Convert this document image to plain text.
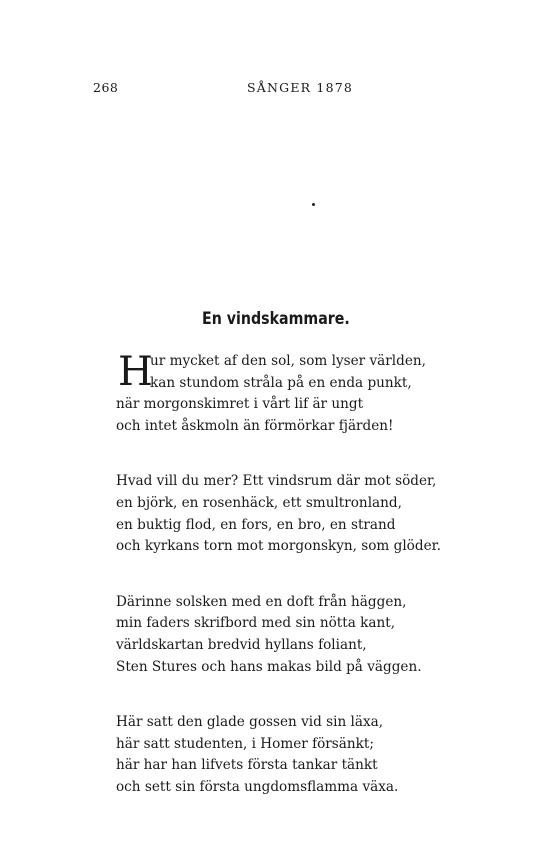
268	SÅNGER 1878
En vindskammare.
H
ur mycket af den sol, som lyser världen,
kan stundom stråla på en enda punkt,
när morgonskimret i vårt lif är ungt
och intet åskmoln än förmörkar fjärden!
Hvad vill du mer? Ett vindsrum där mot söder,
en björk, en rosenhäck, ett smultronland,
en buktig flod, en fors, en bro, en strand
och kyrkans torn mot morgonskyn, som glöder.
Därinne solsken med en doft från häggen,
min faders skrifbord med sin nötta kant,
världskartan bredvid hyllans foliant,
Sten Stures och hans makas bild på väggen.
Här satt den glade gossen vid sin läxa,
här satt studenten, i Homer försänkt;
här har han lifvets första tankar tänkt
och sett sin första ungdomsflamma växa.
